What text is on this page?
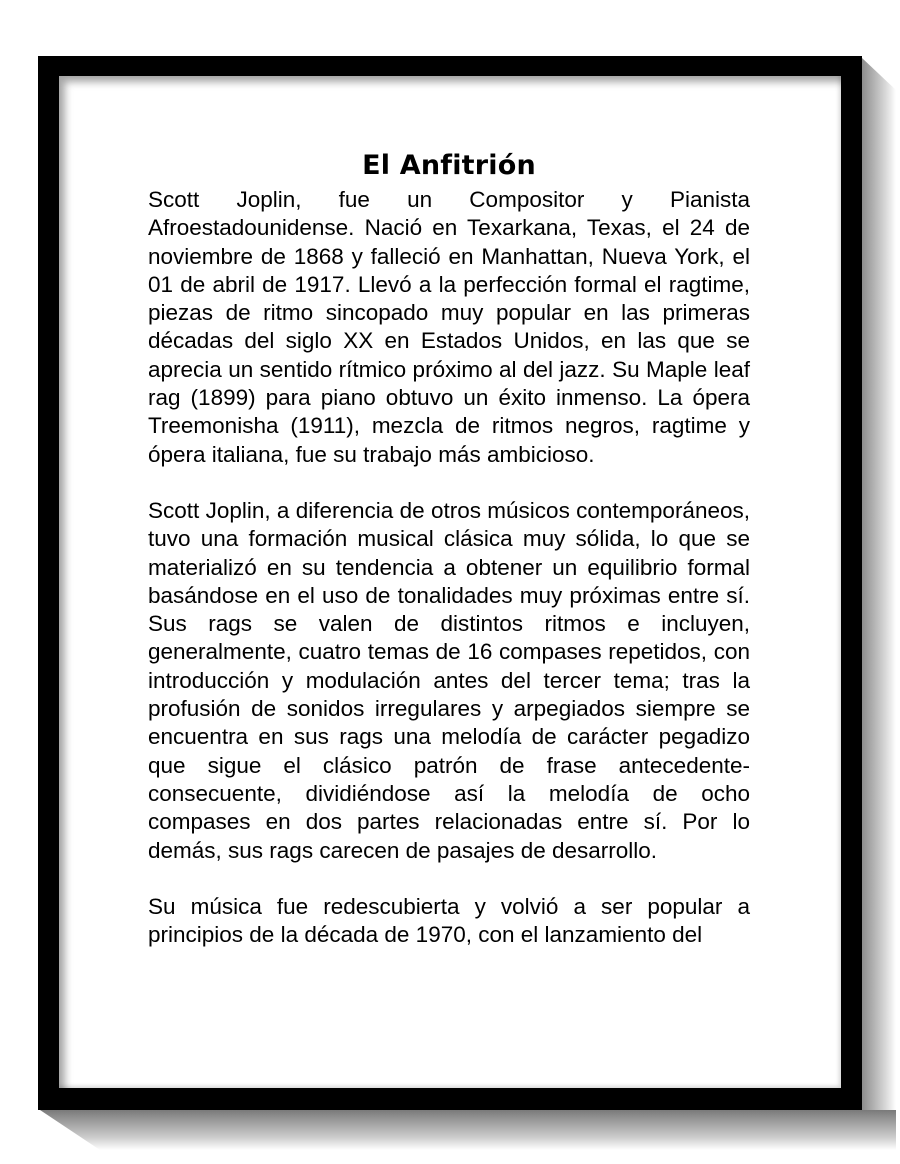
El Anfitrión

Scott Joplin, fue un Compositor y Pianista Afroestadounidense. Nació en Texarkana, Texas, el 24 de noviembre de 1868 y falleció en Manhattan, Nueva York, el 01 de abril de 1917. Llevó a la perfección formal el ragtime, piezas de ritmo sincopado muy popular en las primeras décadas del siglo XX en Estados Unidos, en las que se aprecia un sentido rítmico próximo al del jazz. Su Maple leaf rag (1899) para piano obtuvo un éxito inmenso. La ópera Treemonisha (1911), mezcla de ritmos negros, ragtime y ópera italiana, fue su trabajo más ambicioso.

Scott Joplin, a diferencia de otros músicos contemporáneos, tuvo una formación musical clásica muy sólida, lo que se materializó en su tendencia a obtener un equilibrio formal basándose en el uso de tonalidades muy próximas entre sí. Sus rags se valen de distintos ritmos e incluyen, generalmente, cuatro temas de 16 compases repetidos, con introducción y modulación antes del tercer tema; tras la profusión de sonidos irregulares y arpegiados siempre se encuentra en sus rags una melodía de carácter pegadizo que sigue el clásico patrón de frase antecedente-consecuente, dividiéndose así la melodía de ocho compases en dos partes relacionadas entre sí. Por lo demás, sus rags carecen de pasajes de desarrollo.

Su música fue redescubierta y volvió a ser popular a principios de la década de 1970, con el lanzamiento del
